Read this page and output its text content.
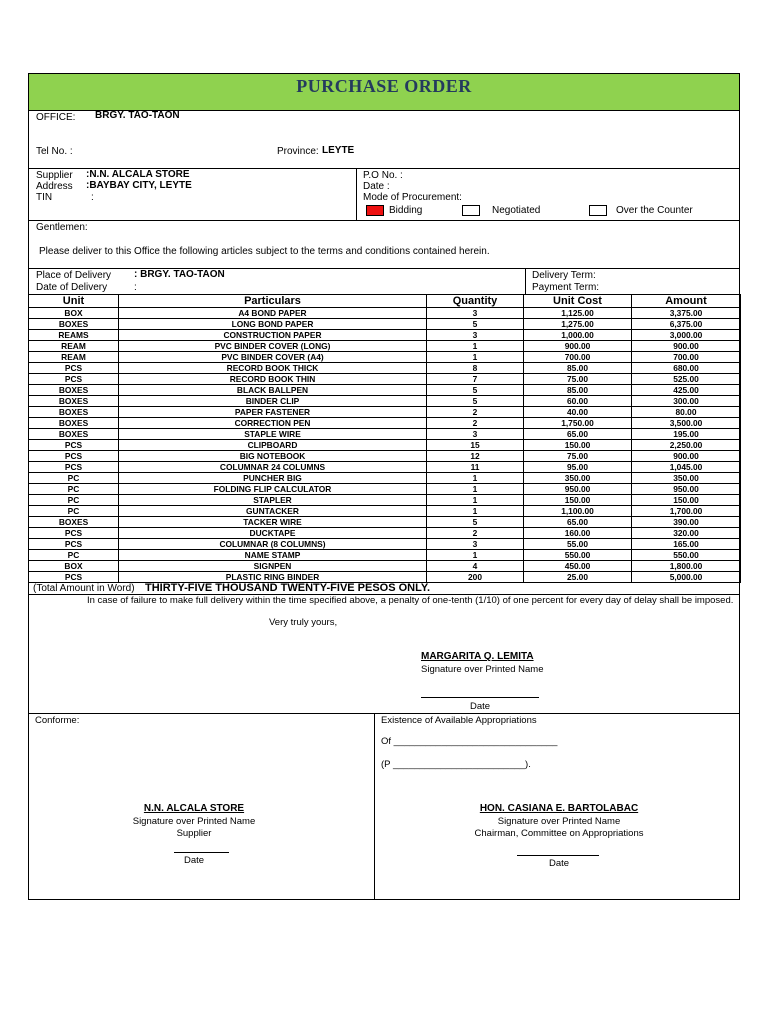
PURCHASE ORDER
OFFICE: BRGY. TAO-TAON
Tel No. :	Province: LEYTE
Supplier :N.N. ALCALA STORE
Address :BAYBAY CITY, LEYTE
TIN	:
P.O No. :
Date :
Mode of Procurement:
Bidding	Negotiated	Over the Counter
Gentlemen:
Please deliver to this Office the following articles subject to the terms and conditions contained herein.
Place of Delivery : BRGY. TAO-TAON
Date of Delivery	:
Delivery Term:
Payment Term:
Unit	Particulars	Quantity	Unit Cost	Amount
BOX	A4 BOND PAPER	3	1,125.00	3,375.00
BOXES	LONG BOND PAPER	5	1,275.00	6,375.00
REAMS	CONSTRUCTION PAPER	3	1,000.00	3,000.00
REAM	PVC BINDER COVER (LONG)	1	900.00	900.00
REAM	PVC BINDER COVER (A4)	1	700.00	700.00
PCS	RECORD BOOK THICK	8	85.00	680.00
PCS	RECORD BOOK THIN	7	75.00	525.00
BOXES	BLACK BALLPEN	5	85.00	425.00
BOXES	BINDER CLIP	5	60.00	300.00
BOXES	PAPER FASTENER	2	40.00	80.00
BOXES	CORRECTION PEN	2	1,750.00	3,500.00
BOXES	STAPLE WIRE	3	65.00	195.00
PCS	CLIPBOARD	15	150.00	2,250.00
PCS	BIG NOTEBOOK	12	75.00	900.00
PCS	COLUMNAR 24 COLUMNS	11	95.00	1,045.00
PC	PUNCHER BIG	1	350.00	350.00
PC	FOLDING FLIP CALCULATOR	1	950.00	950.00
PC	STAPLER	1	150.00	150.00
PC	GUNTACKER	1	1,100.00	1,700.00
BOXES	TACKER WIRE	5	65.00	390.00
PCS	DUCKTAPE	2	160.00	320.00
PCS	COLUMNAR (8 COLUMNS)	3	55.00	165.00
PC	NAME STAMP	1	550.00	550.00
BOX	SIGNPEN	4	450.00	1,800.00
PCS	PLASTIC RING BINDER	200	25.00	5,000.00
(Total Amount in Word) THIRTY-FIVE THOUSAND TWENTY-FIVE PESOS ONLY.
In case of failure to make full delivery within the time specified above, a penalty of one-tenth (1/10) of one percent for every day of delay shall be imposed.
Very truly yours,
MARGARITA Q. LEMITA
Signature over Printed Name
Date
Conforme:
N.N. ALCALA STORE
Signature over Printed Name
Supplier
Date
Existence of Available Appropriations
Of _______________________________
(P _________________________).
HON. CASIANA E. BARTOLABAC
Signature over Printed Name
Chairman, Committee on Appropriations
Date
